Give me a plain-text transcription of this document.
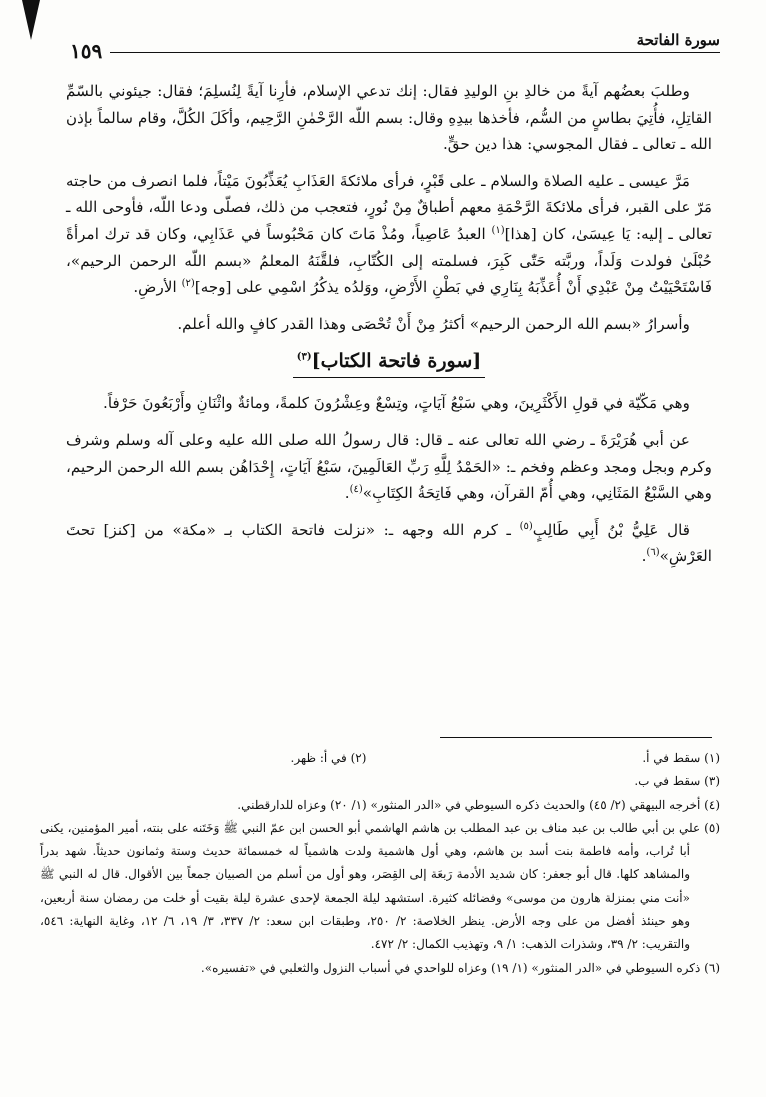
سورة الفاتحة
١٥٩

وطلبَ بعضُهم آيةً من خالدِ بنِ الوليدِ فقال: إنك تدعي الإسلام، فأرِنا آيةً لِنُسلِمَ؛ فقال: جيئوني بالسّمِّ القاتِلِ، فأُتِيَ بطاسٍ من السُّم، فأخذها بيدِهِ وقال: بسم اللّه الرَّحْمٰنِ الرَّحِيم، وأكَلَ الكُلَّ، وقام سالماً بإذن الله ـ تعالى ـ فقال المجوسي: هذا دين حقٍّ.

مَرَّ عيسى ـ عليه الصلاة والسلام ـ على قَبْرٍ، فرأى ملائكةَ العَذَابِ يُعَذِّبُونَ مَيْتاً، فلما انصرف من حاجته مَرّ على القبر، فرأى ملائكةَ الرَّحْمَةِ معهم أطباقٌ مِنْ نُورٍ، فتعجب من ذلك، فصلّى ودعا اللّه، فأوحى الله ـ تعالى ـ إليه: يَا عِيسَىٰ، كان [هذا]$^{(١)}$ العبدُ عَاصِياً، ومُذْ مَاتَ كان مَحْبُوساً في عَذَابِي، وكان قد ترك امرأةً حُبْلَىٰ فولدت وَلَداً، وربَّته حَتّٰى كَبِرَ، فسلمته إلى الكُتّابِ، فلقَّنَهُ المعلمُ «بسم اللّه الرحمن الرحيم»، فَاسْتَحْيَيْتُ مِنْ عَبْدِي أَنْ أُعَذِّبَهُ بِنَارِي في بَطْنِ الأَرْضِ، ووَلدُه يذكُرُ اسْمِي على [وجه]$^{(٢)}$ الأرضِ.

وأسرارُ «بسم الله الرحمن الرحيم» أكثرُ مِنْ أَنْ تُحْصَى وهذا القدر كافٍ والله أعلم.

[سورة فاتحة الكتاب]$^{(٣)}$

وهي مَكّيّة في قولِ الأَكْثَرِينَ، وهي سَبْعُ آيَاتٍ، وتِسْعٌ وعِشْرُونَ كلمةً، ومائةٌ واثْنَانِ وأَرْبَعُونَ حَرْفاً.

عن أبي هُرَيْرَةَ ـ رضي الله تعالى عنه ـ قال: قال رسولُ الله صلى الله عليه وعلى آله وسلم وشرف وكرم وبجل ومجد وعظم وفخم ـ: «الحَمْدُ لِلَّهِ رَبِّ العَالَمِينَ، سَبْعُ آيَاتٍ، إِحْدَاهُن بسم الله الرحمن الرحيم، وهي السَّبْعُ المَثَانِي، وهي أُمّ القرآن، وهي فَاتِحَةُ الكِتَابِ»$^{(٤)}$.

قال عَلِيُّ بْنُ أَبِي طَالِبٍ$^{(٥)}$ ـ كرم الله وجهه ـ: «نزلت فاتحة الكتاب بـ «مكة» من [كنز] تحتَ العَرْشِ»$^{(٦)}$.

(١) سقط في أ.
(٢) في أ: ظهر.
(٣) سقط في ب.
(٤) أخرجه البيهقي (٢/ ٤٥) والحديث ذكره السيوطي في «الدر المنثور» (١/ ٢٠) وعزاه للدارقطني.
(٥) علي بن أبي طالب بن عبد مناف بن عبد المطلب بن هاشم الهاشمي أبو الحسن ابن عمّ النبي ﷺ وَخَتَنه على بنته، أمير المؤمنين، يكنى أبا تُراب، وأمه فاطمة بنت أسد بن هاشم، وهي أول هاشمية ولدت هاشمياً له خمسمائة حديث وستة وثمانون حديثاً. شهد بدراً والمشاهد كلها. قال أبو جعفر: كان شديد الأدمة رَبعَة إلى القِصَر، وهو أول من أسلم من الصبيان جمعاً بين الأقوال. قال له النبي ﷺ «أنت مني بمنزلة هارون من موسى» وفضائله كثيرة. استشهد ليلة الجمعة لإحدى عشرة ليلة بقيت أو خلت من رمضان سنة أربعين، وهو حينئذ أفضل من على وجه الأرض. ينظر الخلاصة: ٢/ ٢٥٠، وطبقات ابن سعد: ٢/ ٣٣٧، ٣/ ١٩، ٦/ ١٢، وغاية النهاية: ٥٤٦، والتقريب: ٢/ ٣٩، وشذرات الذهب: ١/ ٩، وتهذيب الكمال: ٢/ ٤٧٢.
(٦) ذكره السيوطي في «الدر المنثور» (١/ ١٩) وعزاه للواحدي في أسباب النزول والثعلبي في «تفسيره».
